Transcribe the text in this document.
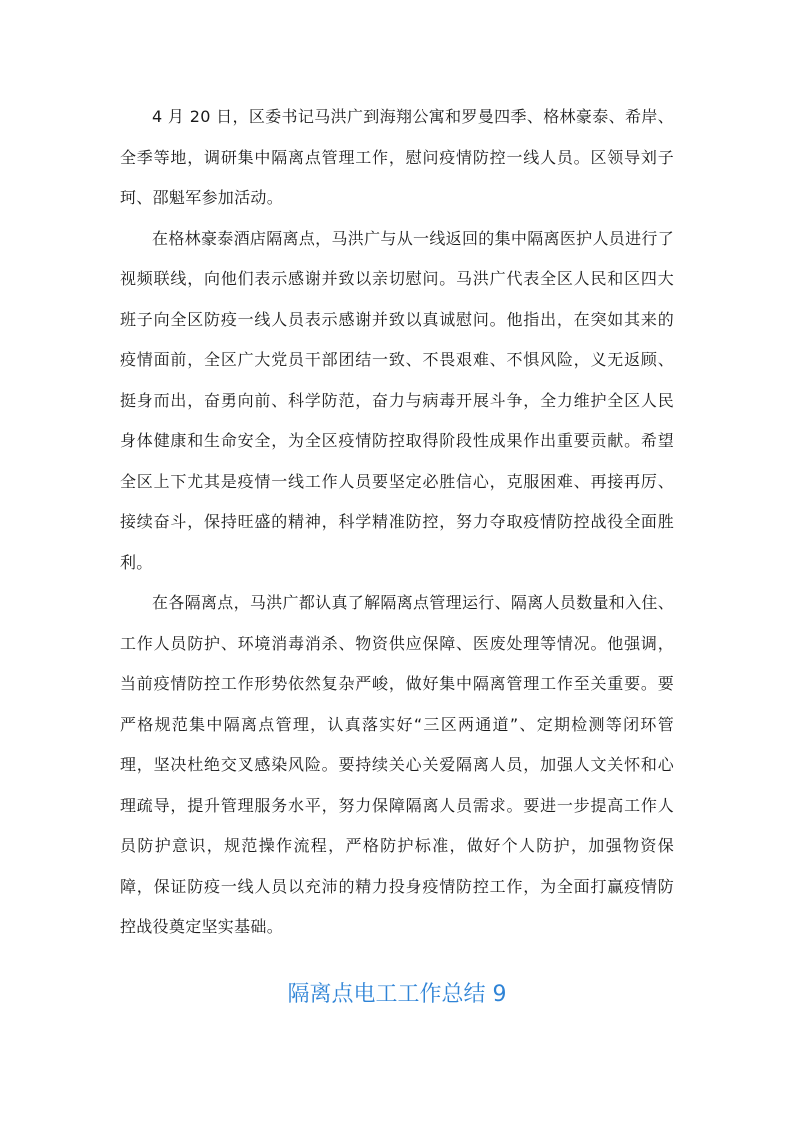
4 月 20 日，区委书记马洪广到海翔公寓和罗曼四季、格林豪泰、希岸、全季等地，调研集中隔离点管理工作，慰问疫情防控一线人员。区领导刘子珂、邵魁军参加活动。

在格林豪泰酒店隔离点，马洪广与从一线返回的集中隔离医护人员进行了视频联线，向他们表示感谢并致以亲切慰问。马洪广代表全区人民和区四大班子向全区防疫一线人员表示感谢并致以真诚慰问。他指出，在突如其来的疫情面前，全区广大党员干部团结一致、不畏艰难、不惧风险，义无返顾、挺身而出，奋勇向前、科学防范，奋力与病毒开展斗争，全力维护全区人民身体健康和生命安全，为全区疫情防控取得阶段性成果作出重要贡献。希望全区上下尤其是疫情一线工作人员要坚定必胜信心，克服困难、再接再厉、接续奋斗，保持旺盛的精神，科学精准防控，努力夺取疫情防控战役全面胜利。

在各隔离点，马洪广都认真了解隔离点管理运行、隔离人员数量和入住、工作人员防护、环境消毒消杀、物资供应保障、医废处理等情况。他强调，当前疫情防控工作形势依然复杂严峻，做好集中隔离管理工作至关重要。要严格规范集中隔离点管理，认真落实好“三区两通道”、定期检测等闭环管理，坚决杜绝交叉感染风险。要持续关心关爱隔离人员，加强人文关怀和心理疏导，提升管理服务水平，努力保障隔离人员需求。要进一步提高工作人员防护意识，规范操作流程，严格防护标准，做好个人防护，加强物资保障，保证防疫一线人员以充沛的精力投身疫情防控工作，为全面打赢疫情防控战役奠定坚实基础。

隔离点电工工作总结 9
